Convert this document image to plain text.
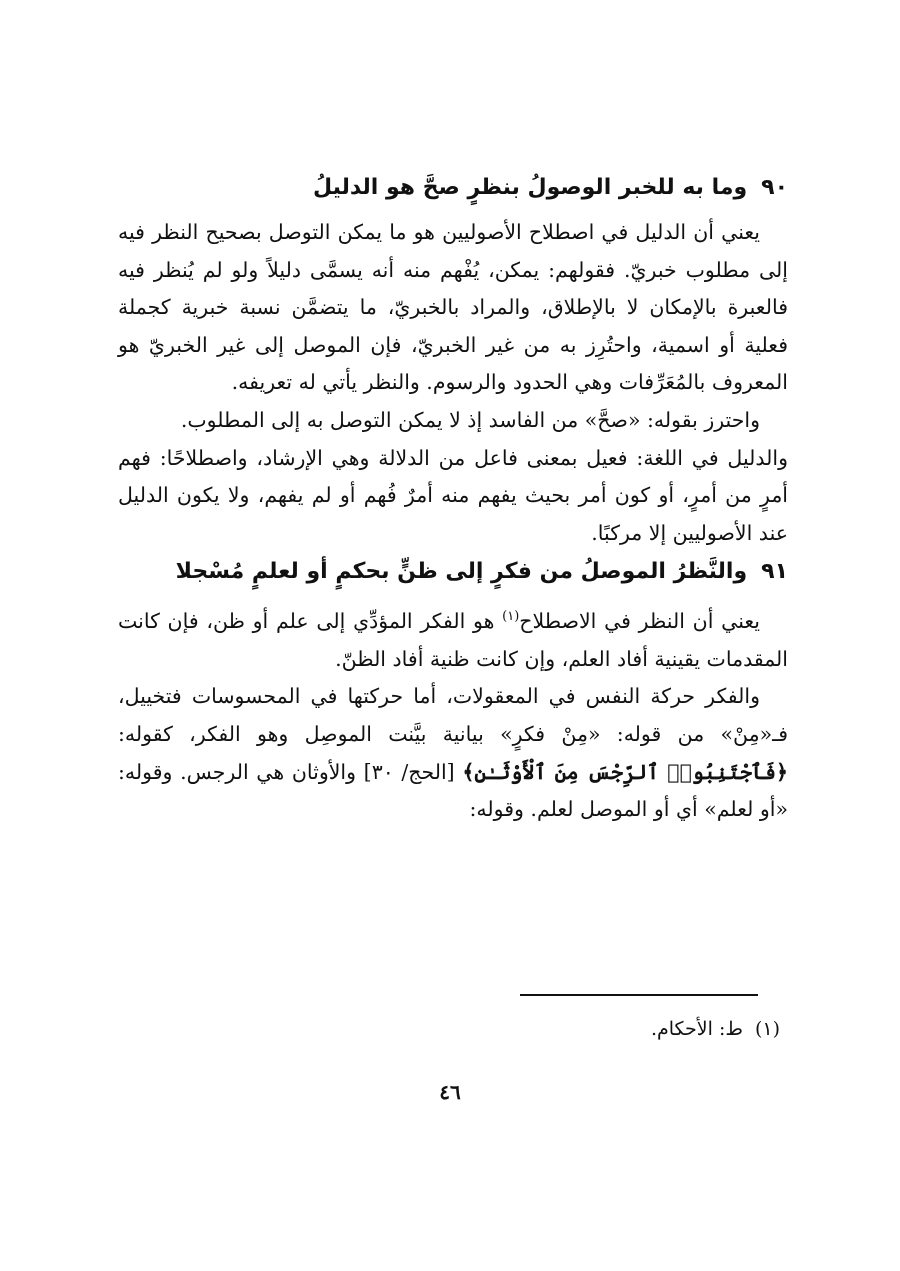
٩٠وما به للخبر الوصولُ بنظرٍ صحَّ هو الدليلُ

يعني أن الدليل في اصطلاح الأصوليين هو ما يمكن التوصل بصحيح النظر فيه إلى مطلوب خبريّ. فقولهم: يمكن، يُفْهم منه أنه يسمَّى دليلاً ولو لم يُنظر فيه فالعبرة بالإمكان لا بالإطلاق، والمراد بالخبريّ، ما يتضمَّن نسبة خبرية كجملة فعلية أو اسمية، واحتُرِز به من غير الخبريّ، فإن الموصل إلى غير الخبريّ هو المعروف بالمُعَرِّفات وهي الحدود والرسوم. والنظر يأتي له تعريفه.

واحترز بقوله: «صحَّ» من الفاسد إذ لا يمكن التوصل به إلى المطلوب.

والدليل في اللغة: فعيل بمعنى فاعل من الدلالة وهي الإرشاد، واصطلاحًا: فهم أمرٍ من أمرٍ، أو كون أمر بحيث يفهم منه أمرٌ فُهم أو لم يفهم، ولا يكون الدليل عند الأصوليين إلا مركبًا.

٩١والنَّظرُ الموصلُ من فكرٍ إلى ظنٍّ بحكمٍ أو لعلمٍ مُسْجلا

يعني أن النظر في الاصطلاح$^{(١)}$ هو الفكر المؤدِّي إلى علم أو ظن، فإن كانت المقدمات يقينية أفاد العلم، وإن كانت ظنية أفاد الظنّ.

والفكر حركة النفس في المعقولات، أما حركتها في المحسوسات فتخييل، فـ«مِنْ» من قوله: «مِنْ فكرٍ» بيانية بيَّنت الموصِل وهو الفكر، كقوله: ﴿فَٱجْتَنِبُوا۟ ٱلرِّجْسَ مِنَ ٱلْأَوْثَـٰنِ﴾ [الحج/ ٣٠] والأوثان هي الرجس. وقوله: «أو لعلم» أي أو الموصل لعلم. وقوله:

(١)ط: الأحكام.
٤٦
